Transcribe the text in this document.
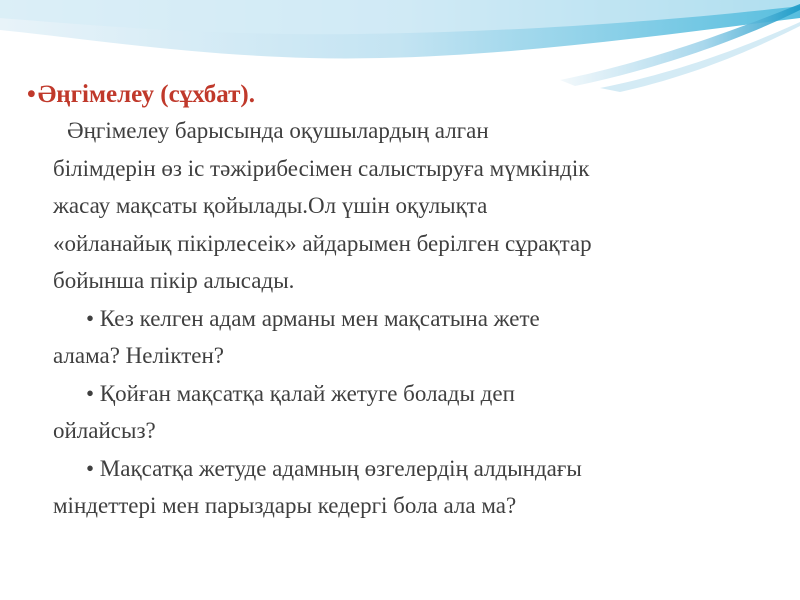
•Әңгімелеу (сұхбат).

Әңгімелеу барысында оқушылардың алган
білімдерін өз іс тәжірибесімен салыстыруға мүмкіндік
жасау мақсаты қойылады.Ол үшін оқулықта
«ойланайық пікірлесеік» айдарымен берілген сұрақтар
бойынша пікір алысады.
• Кез келген адам арманы мен мақсатына жете
алама? Неліктен?
• Қойған мақсатқа қалай жетуге болады деп
ойлайсыз?
• Мақсатқа жетуде адамның өзгелердің алдындағы
міндеттері мен парыздары кедергі бола ала ма?
